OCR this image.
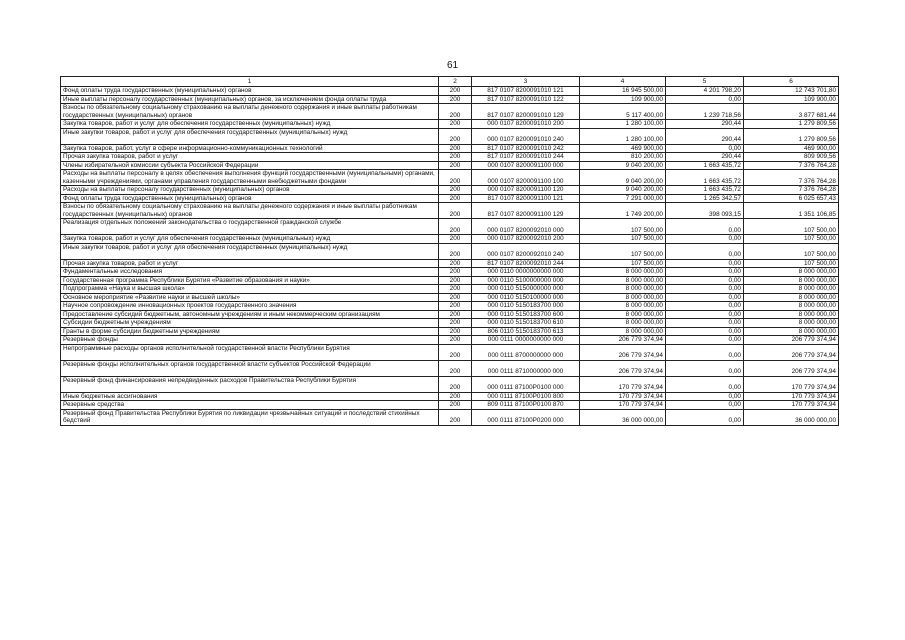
61
1	2	3	4	5	6
Фонд оплаты труда государственных (муниципальных) органов	200	817 0107 8200091010 121	16 945 500,00	4 201 798,20	12 743 701,80
Иные выплаты персоналу государственных (муниципальных) органов, за исключением фонда оплаты труда	200	817 0107 8200091010 122	109 900,00	0,00	109 900,00
Взносы по обязательному социальному страхованию на выплаты денежного содержания и иные выплаты работникам государственных (муниципальных) органов	200	817 0107 8200091010 129	5 117 400,00	1 239 718,56	3 877 681,44
Закупка товаров, работ и услуг для обеспечения государственных (муниципальных) нужд	200	000 0107 8200091010 200	1 280 100,00	290,44	1 279 809,56
Иные закупки товаров, работ и услуг для обеспечения государственных (муниципальных) нужд	200	000 0107 8200091010 240	1 280 100,00	290,44	1 279 809,56
Закупка товаров, работ, услуг в сфере информационно-коммуникационных технологий	200	817 0107 8200091010 242	469 900,00	0,00	469 900,00
Прочая закупка товаров, работ и услуг	200	817 0107 8200091010 244	810 200,00	290,44	809 909,56
Члены избирательной комиссии субъекта Российской Федерации	200	000 0107 8200091100 000	9 040 200,00	1 663 435,72	7 376 764,28
Расходы на выплаты персоналу в целях обеспечения выполнения функций государственными (муниципальными) органами, казенными учреждениями, органами управления государственными внебюджетными фондами	200	000 0107 8200091100 100	9 040 200,00	1 663 435,72	7 376 764,28
Расходы на выплаты персоналу государственных (муниципальных) органов	200	000 0107 8200091100 120	9 040 200,00	1 663 435,72	7 376 764,28
Фонд оплаты труда государственных (муниципальных) органов	200	817 0107 8200091100 121	7 291 000,00	1 265 342,57	6 025 657,43
Взносы по обязательному социальному страхованию на выплаты денежного содержания и иные выплаты работникам государственных (муниципальных) органов	200	817 0107 8200091100 129	1 749 200,00	398 093,15	1 351 106,85
Реализация отдельных положений законодательства о государственной гражданской службе	200	000 0107 8200092010 000	107 500,00	0,00	107 500,00
Закупка товаров, работ и услуг для обеспечения государственных (муниципальных) нужд	200	000 0107 8200092010 200	107 500,00	0,00	107 500,00
Иные закупки товаров, работ и услуг для обеспечения государственных (муниципальных) нужд	200	000 0107 8200092010 240	107 500,00	0,00	107 500,00
Прочая закупка товаров, работ и услуг	200	817 0107 8200092010 244	107 500,00	0,00	107 500,00
Фундаментальные исследования	200	000 0110 0000000000 000	8 000 000,00	0,00	8 000 000,00
Государственная программа Республики Бурятия «Развитие образования и науки»	200	000 0110 5100000000 000	8 000 000,00	0,00	8 000 000,00
Подпрограмма «Наука и высшая школа»	200	000 0110 5150000000 000	8 000 000,00	0,00	8 000 000,00
Основное мероприятие «Развитие науки и высшей школы»	200	000 0110 5150100000 000	8 000 000,00	0,00	8 000 000,00
Научное сопровождение инновационных проектов государственного значения	200	000 0110 5150183700 000	8 000 000,00	0,00	8 000 000,00
Предоставление субсидий бюджетным, автономным учреждениям и иным некоммерческим организациям	200	000 0110 5150183700 600	8 000 000,00	0,00	8 000 000,00
Субсидии бюджетным учреждениям	200	000 0110 5150183700 610	8 000 000,00	0,00	8 000 000,00
Гранты в форме субсидии бюджетным учреждениям	200	806 0110 5150183700 613	8 000 000,00	0,00	8 000 000,00
Резервные фонды	200	000 0111 0000000000 000	206 779 374,94	0,00	206 779 374,94
Непрограммные расходы органов исполнительной государственной власти Республики Бурятия	200	000 0111 8700000000 000	206 779 374,94	0,00	206 779 374,94
Резервные фонды исполнительных органов государственной власти субъектов Российской Федерации	200	000 0111 8710000000 000	206 779 374,94	0,00	206 779 374,94
Резервный фонд финансирования непредвиденных расходов Правительства Республики Бурятия	200	000 0111 87100P0100 000	170 779 374,94	0,00	170 779 374,94
Иные бюджетные ассигнования	200	000 0111 87100P0100 800	170 779 374,94	0,00	170 779 374,94
Резервные средства	200	809 0111 87100P0100 870	170 779 374,94	0,00	170 779 374,94
Резервный фонд Правительства Республики Бурятия по ликвидации чрезвычайных ситуаций и последствий стихийных бедствий	200	000 0111 87100P0200 000	36 000 000,00	0,00	36 000 000,00
